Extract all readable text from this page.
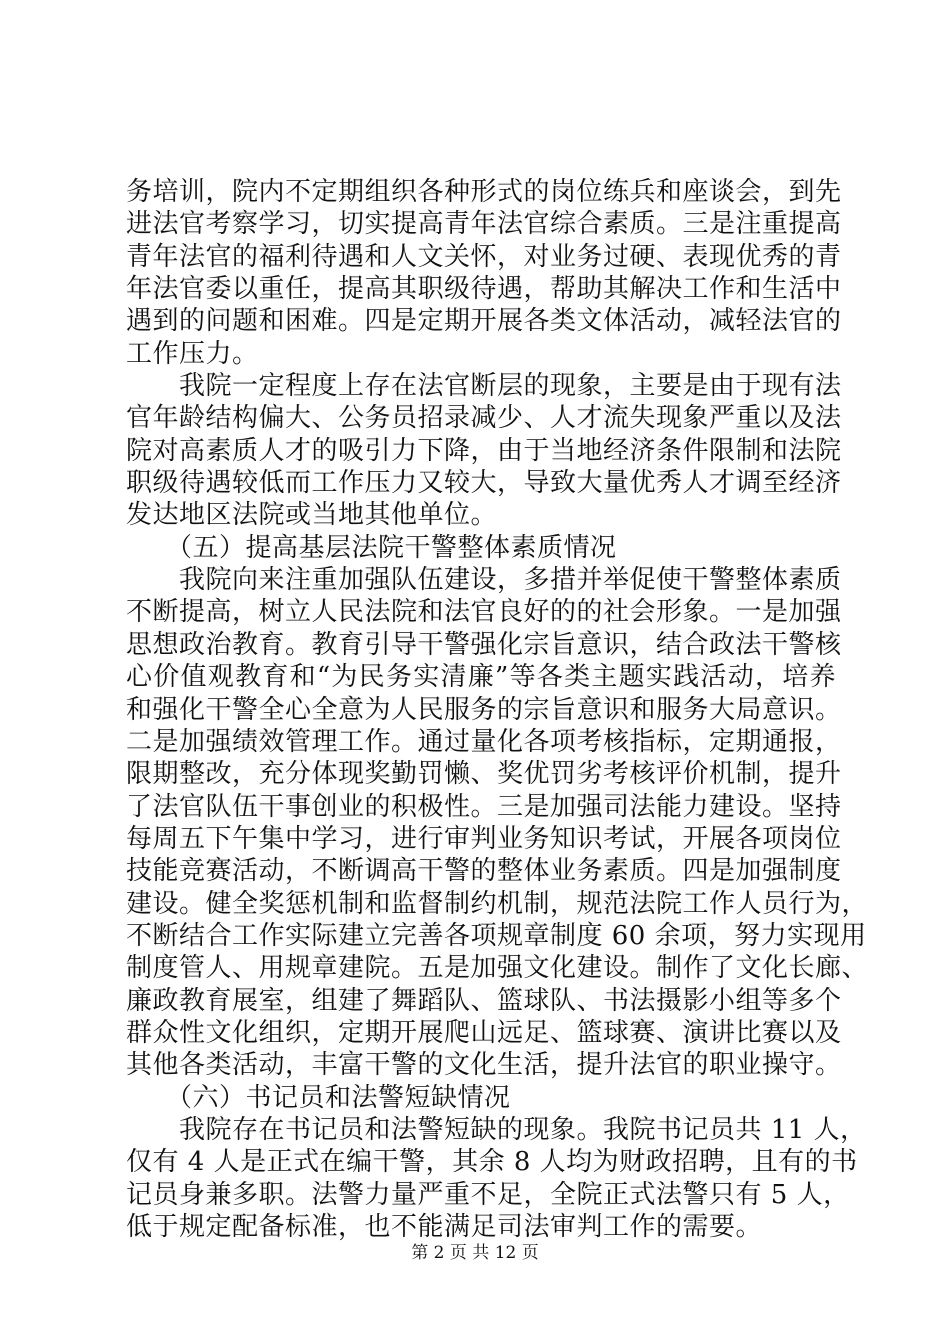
务培训，院内不定期组织各种形式的岗位练兵和座谈会，到先
进法官考察学习，切实提高青年法官综合素质。三是注重提高
青年法官的福利待遇和人文关怀，对业务过硬、表现优秀的青
年法官委以重任，提高其职级待遇，帮助其解决工作和生活中
遇到的问题和困难。四是定期开展各类文体活动，减轻法官的
工作压力。
　　我院一定程度上存在法官断层的现象，主要是由于现有法
官年龄结构偏大、公务员招录减少、人才流失现象严重以及法
院对高素质人才的吸引力下降，由于当地经济条件限制和法院
职级待遇较低而工作压力又较大，导致大量优秀人才调至经济
发达地区法院或当地其他单位。
　　（五）提高基层法院干警整体素质情况
　　我院向来注重加强队伍建设，多措并举促使干警整体素质
不断提高，树立人民法院和法官良好的的社会形象。一是加强
思想政治教育。教育引导干警强化宗旨意识，结合政法干警核
心价值观教育和“为民务实清廉”等各类主题实践活动，培养
和强化干警全心全意为人民服务的宗旨意识和服务大局意识。
二是加强绩效管理工作。通过量化各项考核指标，定期通报，
限期整改，充分体现奖勤罚懒、奖优罚劣考核评价机制，提升
了法官队伍干事创业的积极性。三是加强司法能力建设。坚持
每周五下午集中学习，进行审判业务知识考试，开展各项岗位
技能竞赛活动，不断调高干警的整体业务素质。四是加强制度
建设。健全奖惩机制和监督制约机制，规范法院工作人员行为，
不断结合工作实际建立完善各项规章制度 60 余项，努力实现用
制度管人、用规章建院。五是加强文化建设。制作了文化长廊、
廉政教育展室，组建了舞蹈队、篮球队、书法摄影小组等多个
群众性文化组织，定期开展爬山远足、篮球赛、演讲比赛以及
其他各类活动，丰富干警的文化生活，提升法官的职业操守。
　　（六）书记员和法警短缺情况
　　我院存在书记员和法警短缺的现象。我院书记员共 11 人，
仅有 4 人是正式在编干警，其余 8 人均为财政招聘，且有的书
记员身兼多职。法警力量严重不足，全院正式法警只有 5 人，
低于规定配备标准，也不能满足司法审判工作的需要。
第 2 页 共 12 页
